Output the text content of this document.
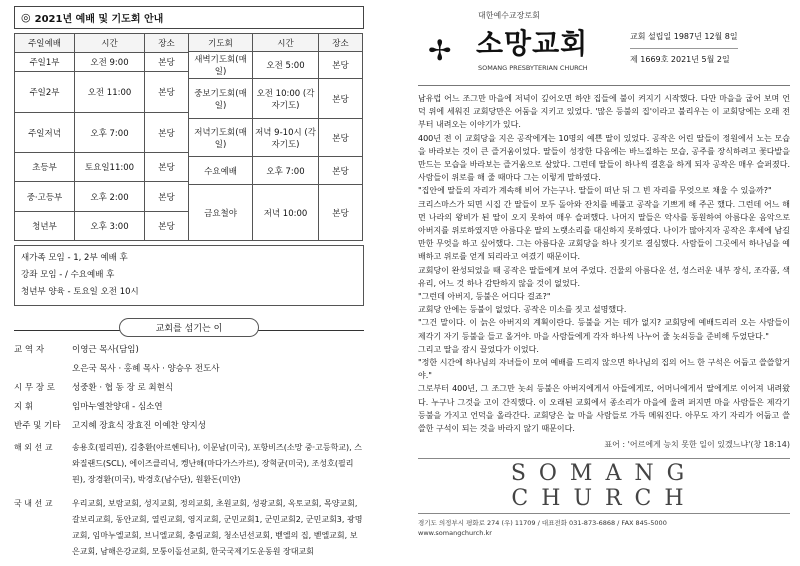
◎ 2021년 예배 및 기도회 안내
주일예배	시간	장소
주일1부	오전 9:00	본당
주일2부	오전 11:00	본당
주일저녁	오후 7:00	본당
초등부	토요일11:00	본당
중·고등부	오후 2:00	본당
청년부	오후 3:00	본당
기도회	시간	장소
새벽기도회(매일)	오전 5:00	본당
중보기도회(매일)	오전 10:00 (각자기도)	본당
저녁기도회(매일)	저녁 9-10시 (각자기도)	본당
수요예배	오후 7:00	본당
금요철야	저녁 10:00	본당
새가족 모임 - 1, 2부 예배 후
강좌 모임 - / 수요예배 후
청년부 양육 - 토요일 오전 10시
교회를 섬기는 이
교 역 자	이영근 목사(담임)
오은국 목사 · 홍혜 목사 · 양승우 전도사
시 무 장 로	성중환 · 협 동 장 로 최현식
지 휘	임마누엘찬양대 - 심소연
반주 및 기타	고지혜 장효식 장효진 이예찬 양지성
해 외 선 교	송용호(필리핀), 김충환(아르헨티나), 이문남(미국), 포항비즈(소망 중·고등학교), 스와질랜드(SCL), 에이즈클리닉, 켕난해(마다가스카르), 장혁균(미국), 조성호(필리핀), 장경환(미국), 박경호(남수단), 원환돈(미얀)
국 내 선 교	우리교회, 보람교회, 성지교회, 정의교회, 초원교회, 성광교회, 옥토교회, 목양교회, 갈보리교회, 동안교회, 열린교회, 영지교회, 군민교회1, 군민교회2, 군민교회3, 광명교회, 임마누엘교회, 브니엘교회, 충림교회, 청소년선교회, 벧엘의 집, 벧엘교회, 보은교회, 남해은강교회, 모퉁이돌선교회, 한국국제기도운동원 장대교회
✢
대한예수교장로회
소망교회
SOMANG PRESBYTERIAN CHURCH
교회 설립일 1987년 12월 8일
제 1669호 2021년 5월 2일

남유럽 어느 조그만 마을에 저녁이 깊어오면 하얀 집들에 불이 켜지기 시작했다. 다만 마을을 굽어 보며 언덕 위에 세워진 교회당만은 어둠을 지키고 있었다. '많은 등불의 집'이라고 불리우는 이 교회당에는 오래 전부터 내려오는 이야기가 있다.

400년 전 이 교회당을 지은 공작에게는 10명의 예쁜 딸이 있었다. 공작은 어린 딸들이 정원에서 노는 모습을 바라보는 것이 큰 즐거움이었다. 딸들이 성장한 다음에는 바느질하는 모습, 공주를 장식하려고 꽃다발을 만드는 모습을 바라보는 즐거움으로 살았다. 그런데 딸들이 하나씩 결혼을 하게 되자 공작은 매우 슬퍼졌다. 사람들이 위로를 해 줄 때마다 그는 이렇게 말하였다.

"집안에 딸들의 자리가 계속해 비어 가는구나. 딸들이 떠난 뒤 그 빈 자리를 무엇으로 채울 수 있을까?"

크리스마스가 되면 시집 간 딸들이 모두 돌아와 잔치를 베풀고 공작을 기쁘게 해 주곤 했다. 그런데 어느 해 먼 나라의 왕비가 된 딸이 오지 못하여 매우 슬퍼했다. 나머지 딸들은 악사를 동원하여 아름다운 음악으로 아버지를 위로하였지만 아름다운 딸의 노랫소리를 대신하지 못하였다. 나이가 많아지자 공작은 후세에 남길만한 무엇을 하고 싶어했다. 그는 아름다운 교회당을 하나 짓기로 결심했다. 사람들이 그곳에서 하나님을 예배하고 위로를 얻게 되리라고 여겼기 때문이다.

교회당이 완성되었을 때 공작은 딸들에게 보여 주었다. 건물의 아름다운 선, 성스러운 내부 장식, 조각품, 색유리, 어느 것 하나 감탄하지 않을 것이 없었다.

"그런데 아버지, 등불은 어디다 걸죠?"

교회당 안에는 등불이 없었다. 공작은 미소를 짓고 설명했다.

"그건 말이다. 이 늙은 아버지의 계획이란다. 등불을 거는 데가 없지? 교회당에 예배드리러 오는 사람들이 제각기 자기 등불을 들고 올거야. 마을 사람들에게 각자 하나씩 나누어 줄 놋쇠등을 준비해 두었단다."

그리고 딸을 잠시 끌었다가 이었다.

"정한 시간에 하나님의 자녀들이 모여 예배를 드리지 않으면 하나님의 집의 어느 한 구석은 어둡고 쓸쓸할거야."

그로부터 400년, 그 조그만 놋쇠 등불은 아버지에게서 아들에게로, 어머니에게서 딸에게로 이어져 내려왔다. 누구나 그것을 고이 간직했다. 이 오래된 교회에서 종소리가 마을에 울려 퍼지면 마을 사람들은 제각기 등불을 가지고 언덕을 올라간다. 교회당은 늘 마을 사람들로 가득 메워진다. 아무도 자기 자리가 어둡고 쓸쓸한 구석이 되는 것을 바라지 않기 때문이다.

표어 : '어르에게 능치 못한 일이 있겠느냐'(창 18:14)
SOMANG CHURCH
경기도 의정부시 평화로 274 (우) 11709 / 대표전화 031-873-6868 / FAX 845-5000
www.somangchurch.kr
